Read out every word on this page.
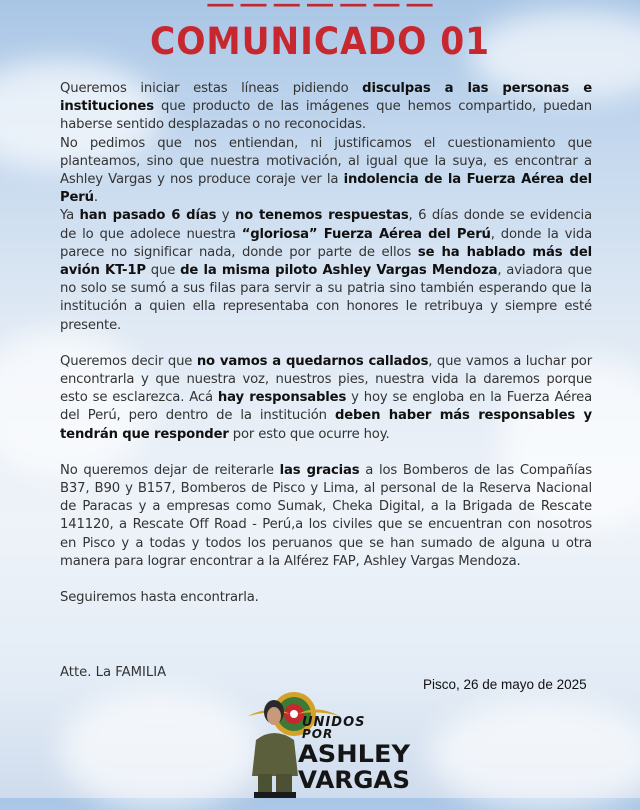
COMUNICADO 01

Queremos iniciar estas líneas pidiendo disculpas a las personas e instituciones que producto de las imágenes que hemos compartido, puedan haberse sentido desplazadas o no reconocidas.

No pedimos que nos entiendan, ni justificamos el cuestionamiento que planteamos, sino que nuestra motivación, al igual que la suya, es encontrar a Ashley Vargas y nos produce coraje ver la indolencia de la Fuerza Aérea del Perú.

Ya han pasado 6 días y no tenemos respuestas, 6 días donde se evidencia de lo que adolece nuestra “gloriosa” Fuerza Aérea del Perú, donde la vida parece no significar nada, donde por parte de ellos se ha hablado más del avión KT-1P que de la misma piloto Ashley Vargas Mendoza, aviadora que no solo se sumó a sus filas para servir a su patria sino también esperando que la institución a quien ella representaba con honores le retribuya y siempre esté presente.

Queremos decir que no vamos a quedarnos callados, que vamos a luchar por encontrarla y que nuestra voz, nuestros pies, nuestra vida la daremos porque esto se esclarezca. Acá hay responsables y hoy se engloba en la Fuerza Aérea del Perú, pero dentro de la institución deben haber más responsables y tendrán que responder por esto que ocurre hoy.

No queremos dejar de reiterarle las gracias a los Bomberos de las Compañías B37, B90 y B157, Bomberos de Pisco y Lima, al personal de la Reserva Nacional de Paracas y a empresas como Sumak, Cheka Digital, a la Brigada de Rescate 141120, a Rescate Off Road - Perú,a los civiles que se encuentran con nosotros en Pisco y a todas y todos los peruanos que se han sumado de alguna u otra manera para lograr encontrar a la Alférez FAP, Ashley Vargas Mendoza.

Seguiremos hasta encontrarla.

Atte. La FAMILIA
Pisco, 26 de mayo de 2025
UNIDOS
POR
ASHLEY
VARGAS
